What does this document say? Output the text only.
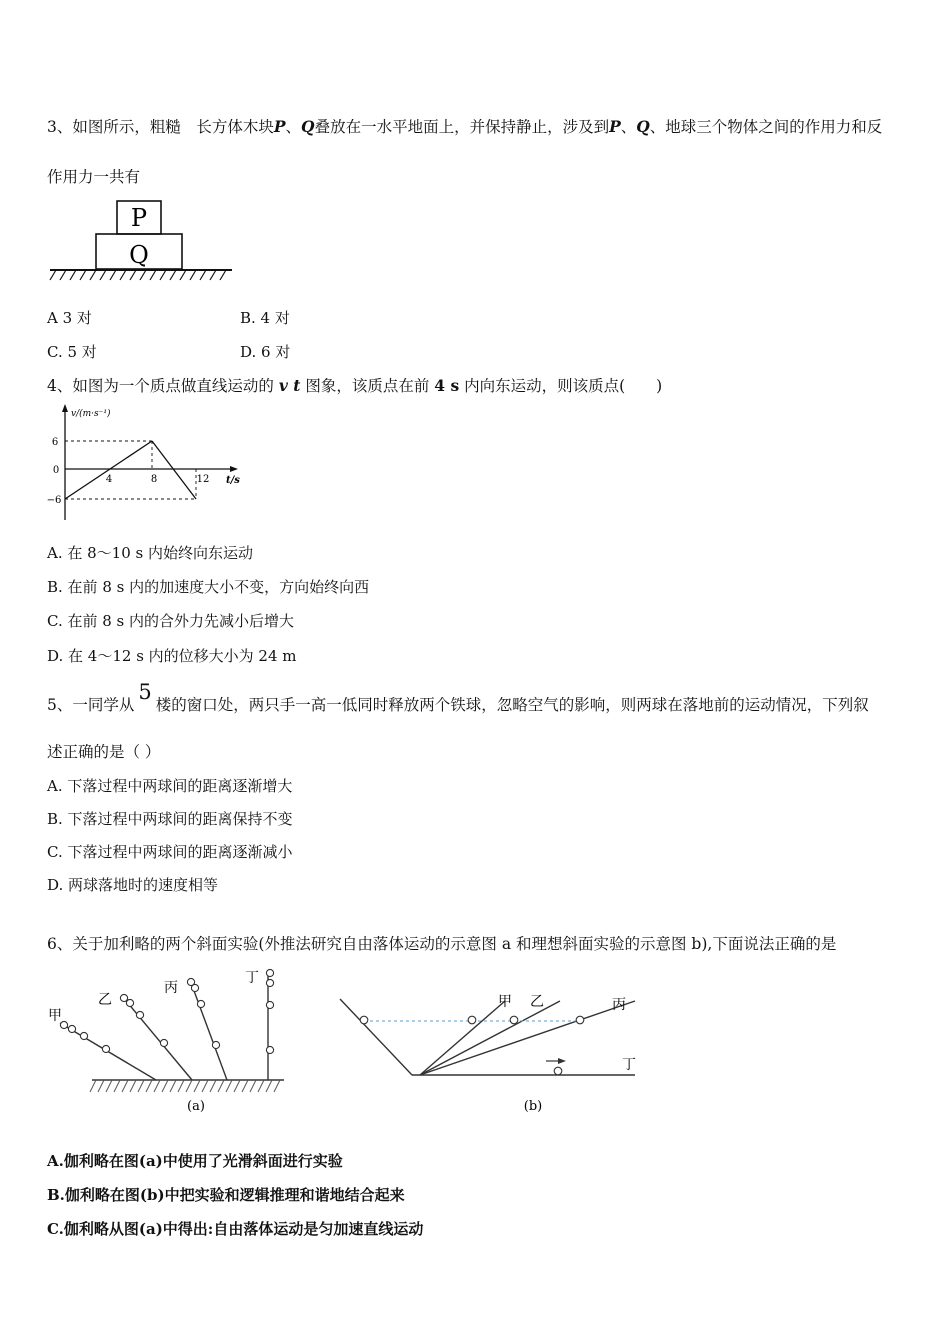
3、如图所示，粗糙　长方体木块P、Q叠放在一水平地面上，并保持静止，涉及到P、Q、地球三个物体之间的作用力和反
作用力一共有
P
Q
A 3 对	B. 4 对
C. 5 对	D. 6 对
4、如图为一个质点做直线运动的 v t 图象，该质点在前 4 s 内向东运动，则该质点(　　)
v/(m·s⁻¹)
t/s
6
0
−6
4	8	12
A. 在 8～10 s 内始终向东运动
B. 在前 8 s 内的加速度大小不变，方向始终向西
C. 在前 8 s 内的合外力先减小后增大
D. 在 4～12 s 内的位移大小为 24 m
5、一同学从5楼的窗口处，两只手一高一低同时释放两个铁球，忽略空气的影响，则两球在落地前的运动情况，下列叙
述正确的是（ ）
A. 下落过程中两球间的距离逐渐增大
B. 下落过程中两球间的距离保持不变
C. 下落过程中两球间的距离逐渐减小
D. 两球落地时的速度相等
6、关于加利略的两个斜面实验(外推法研究自由落体运动的示意图 a 和理想斜面实验的示意图 b),下面说法正确的是
甲
乙
丙
丁
(a)
甲 乙	丙
丁
(b)
A.伽利略在图(a)中使用了光滑斜面进行实验
B.伽利略在图(b)中把实验和逻辑推理和谐地结合起来
C.伽利略从图(a)中得出:自由落体运动是匀加速直线运动
